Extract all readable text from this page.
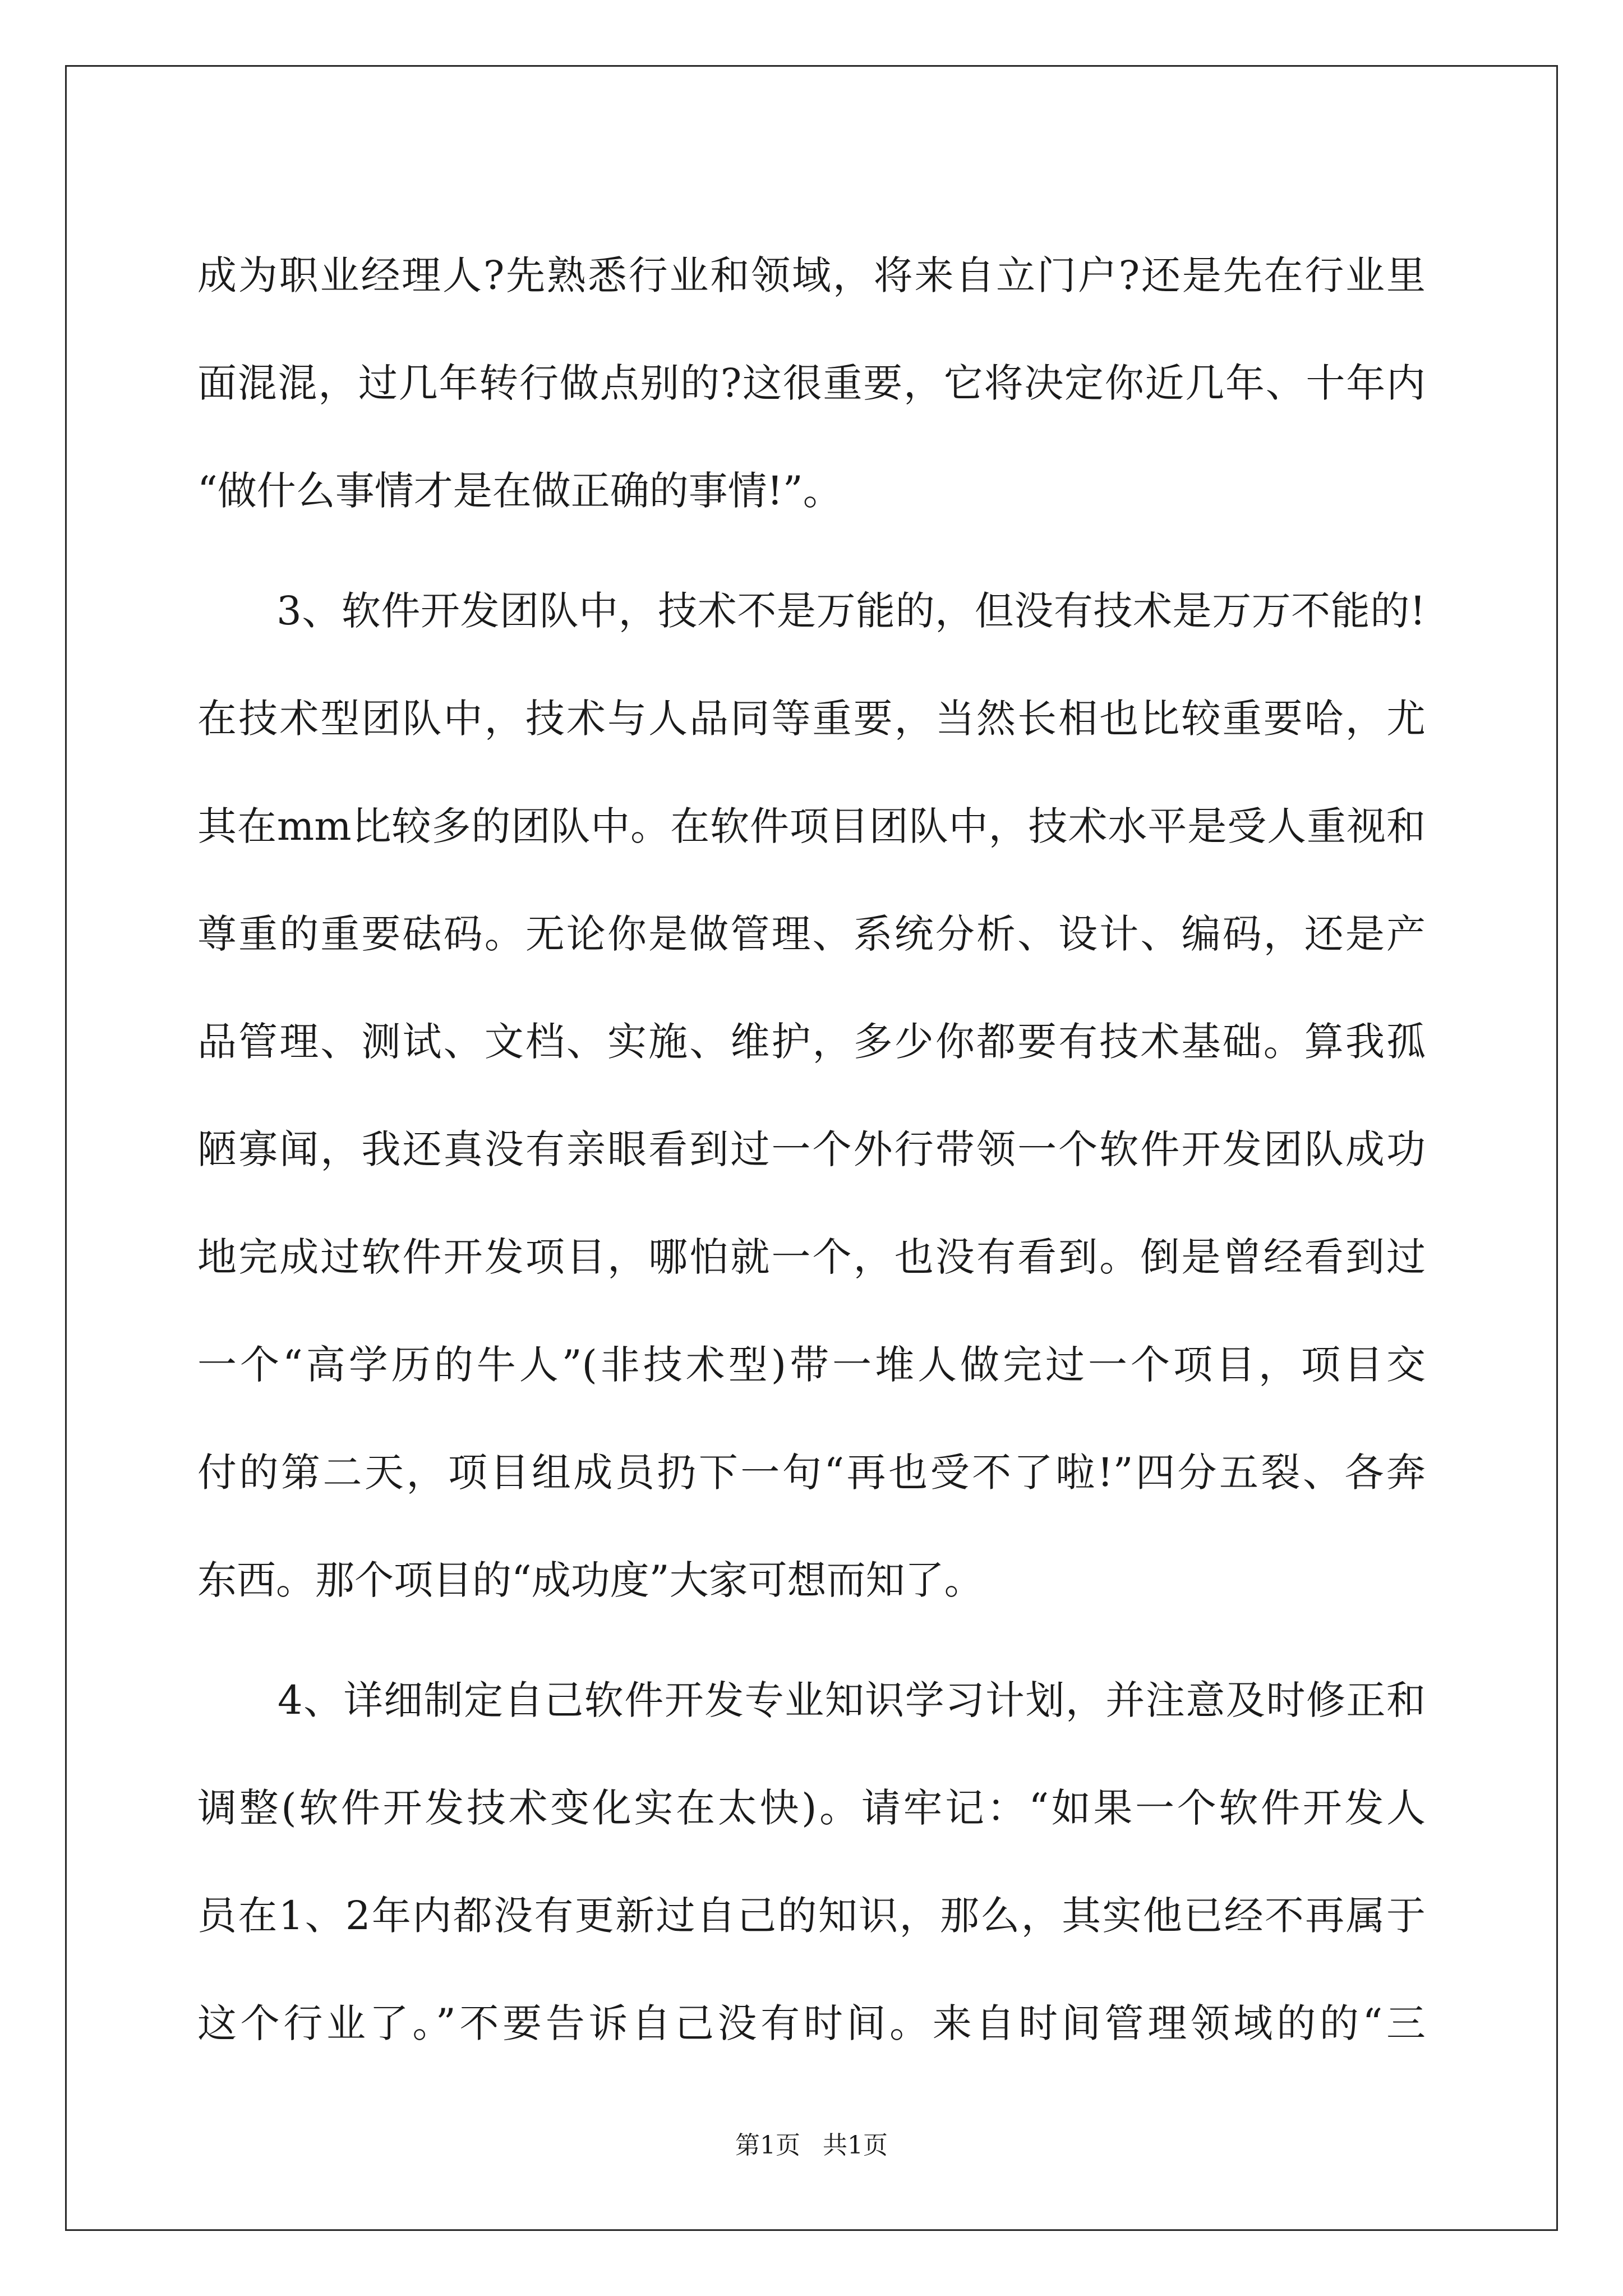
成为职业经理人?先熟悉行业和领域，将来自立门户?还是先在行业里
面混混，过几年转行做点别的?这很重要，它将决定你近几年、十年内
“做什么事情才是在做正确的事情!”。
　　3、软件开发团队中，技术不是万能的，但没有技术是万万不能的!
在技术型团队中，技术与人品同等重要，当然长相也比较重要哈，尤
其在mm比较多的团队中。在软件项目团队中，技术水平是受人重视和
尊重的重要砝码。无论你是做管理、系统分析、设计、编码，还是产
品管理、测试、文档、实施、维护，多少你都要有技术基础。算我孤
陋寡闻，我还真没有亲眼看到过一个外行带领一个软件开发团队成功
地完成过软件开发项目，哪怕就一个，也没有看到。倒是曾经看到过
一个“高学历的牛人”(非技术型)带一堆人做完过一个项目，项目交
付的第二天，项目组成员扔下一句“再也受不了啦!”四分五裂、各奔
东西。那个项目的“成功度”大家可想而知了。
　　4、详细制定自己软件开发专业知识学习计划，并注意及时修正和
调整(软件开发技术变化实在太快)。请牢记：“如果一个软件开发人
员在1、2年内都没有更新过自己的知识，那么，其实他已经不再属于
这个行业了。”不要告诉自己没有时间。来自时间管理领域的的“三
第1页 共1页
